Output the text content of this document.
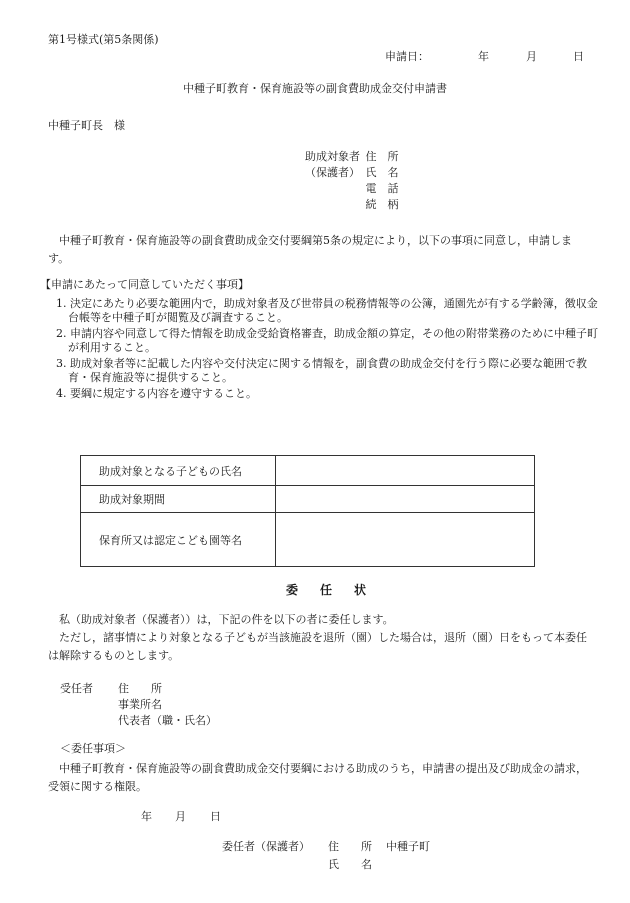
第1号様式(第5条関係)
申請日：	年	月	日
中種子町教育・保育施設等の副食費助成金交付申請書
中種子町長　様
助成対象者 住　所
（保護者） 氏　名
電　話
続　柄
中種子町教育・保育施設等の副食費助成金交付要綱第5条の規定により，以下の事項に同意し，申請します。
【申請にあたって同意していただく事項】
1. 決定にあたり必要な範囲内で，助成対象者及び世帯員の税務情報等の公簿，通園先が有する学齢簿，徴収金台帳等を中種子町が閲覧及び調査すること。
2. 申請内容や同意して得た情報を助成金受給資格審査，助成金額の算定，その他の附帯業務のために中種子町が利用すること。
3. 助成対象者等に記載した内容や交付決定に関する情報を，副食費の助成金交付を行う際に必要な範囲で教育・保育施設等に提供すること。
4. 要綱に規定する内容を遵守すること。
助成対象となる子どもの氏名	
助成対象期間	
保育所又は認定こども園等名	
委任状
私（助成対象者（保護者））は，下記の件を以下の者に委任します。
ただし，諸事情により対象となる子どもが当該施設を退所（園）した場合は，退所（園）日をもって本委任は解除するものとします。
受任者 住　　所
事業所名
代表者（職・氏名）
＜委任事項＞
中種子町教育・保育施設等の副食費助成金交付要綱における助成のうち，申請書の提出及び助成金の請求，受領に関する権限。
年 月 日
委任者（保護者） 住　　所 中種子町
氏　　名
